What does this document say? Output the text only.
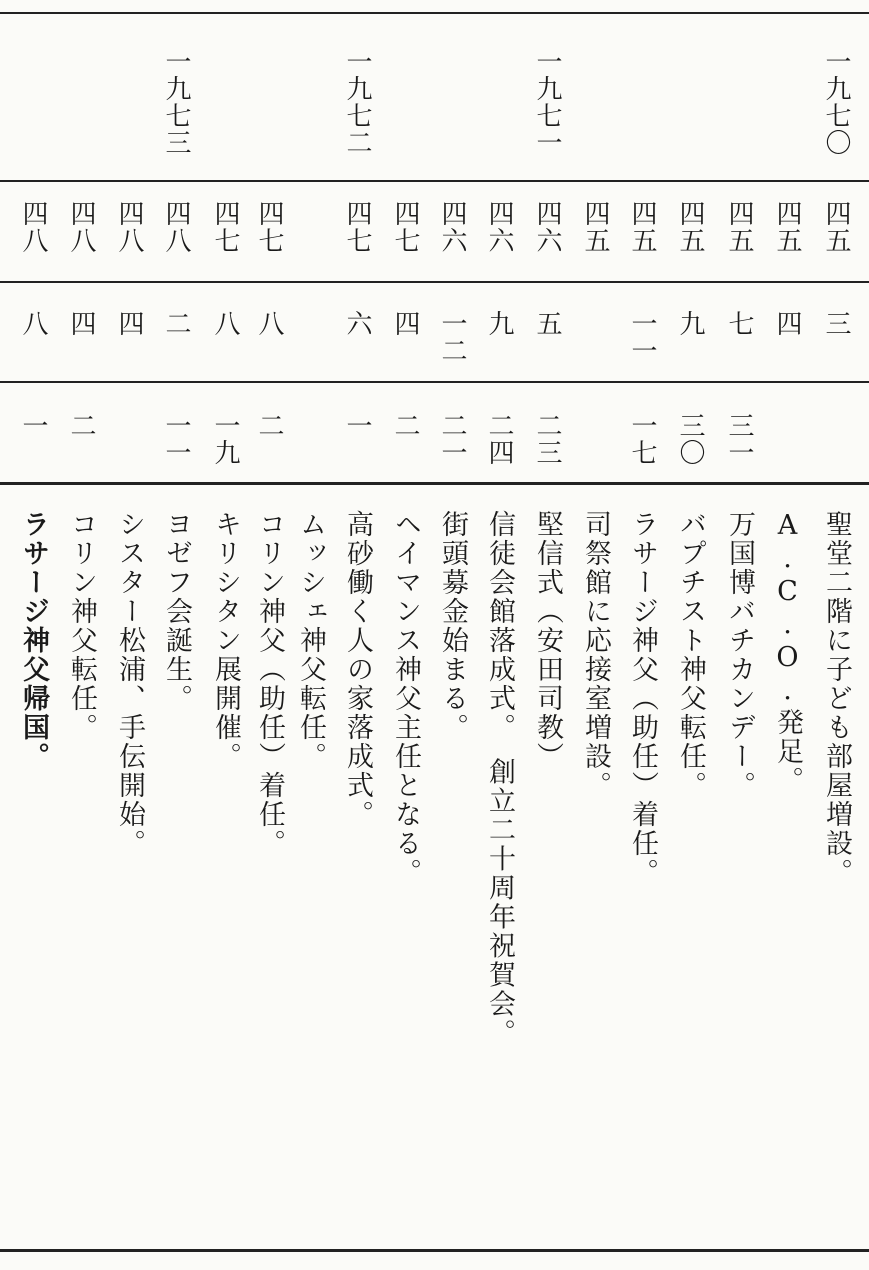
一九七〇
四五
三
聖堂二階に子ども部屋増設。
四五
四
A.C.O.発足。
四五
七
三一
万国博バチカンデー。
四五
九
三〇
バプチスト神父転任。
四五
一一
一七
ラサージ神父（助任）着任。
四五
司祭館に応接室増設。
一九七一
四六
五
二三
堅信式（安田司教）
四六
九
二四
信徒会館落成式。　創立二十周年祝賀会。
四六
一二
二一
街頭募金始まる。
四七
四
二
ヘイマンス神父主任となる。
一九七二
四七
六
一
高砂働く人の家落成式。
ムッシェ神父転任。
四七
八
二
コリン神父（助任）着任。
四七
八
一九
キリシタン展開催。
一九七三
四八
二
一一
ヨゼフ会誕生。
四八
四
シスター松浦、手伝開始。
四八
四
二
コリン神父転任。
四八
八
一
ラサージ神父帰国。
